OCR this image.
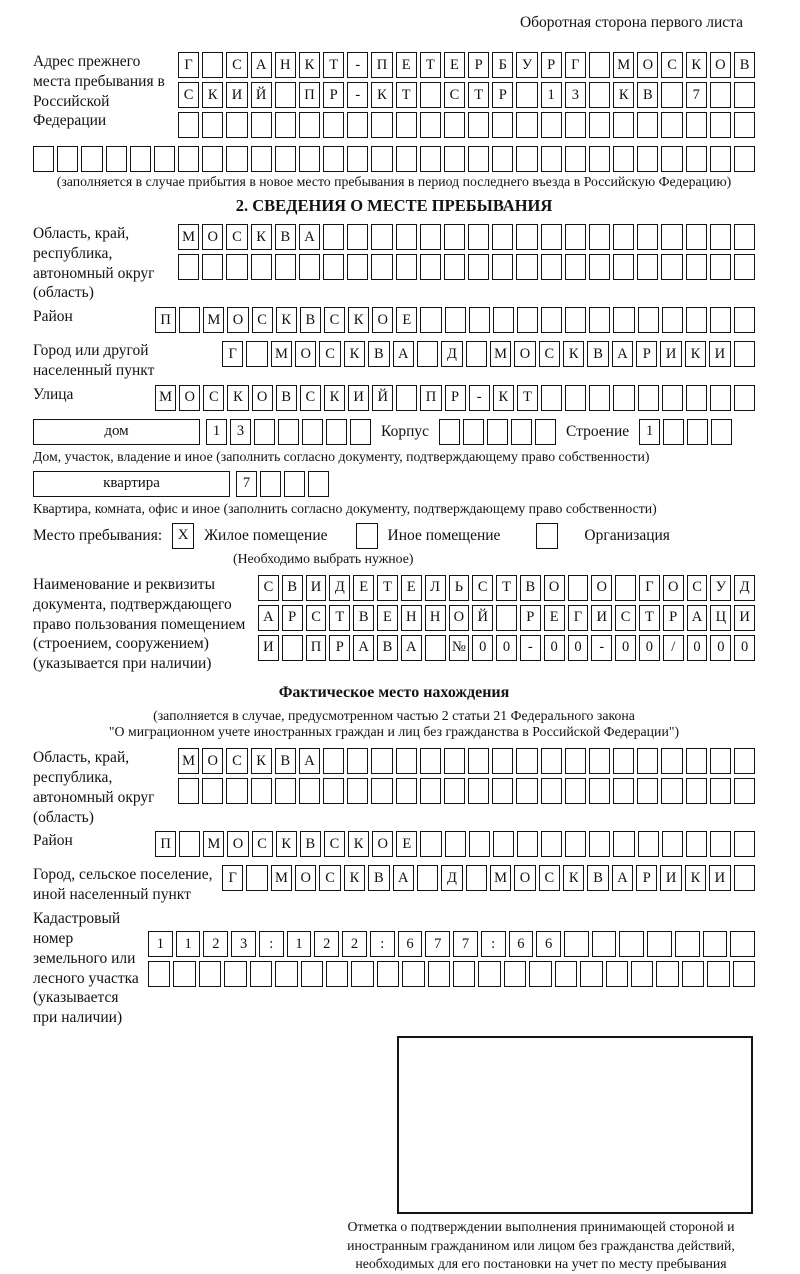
Оборотная сторона первого листа
Адрес прежнего места пребывания в Российской Федерации
Г	С А Н К	Т	-	П	Е	Т	Е	Р	Б	У	Р	Г	М О С	К О В
С	К И Й	П	Р	-	К	Т	С	Т	Р	1	3	К	В	7
(заполняется в случае прибытия в новое место пребывания в период последнего въезда в Российскую Федерацию)
2. СВЕДЕНИЯ О МЕСТЕ ПРЕБЫВАНИЯ
Область, край, республика, автономный округ (область)
М О С	К	В А
Район	П	М О С К В С К О Е
Город или другой населенный пункт
Г	М О С	К	В А	Д	М О С	К	В А	Р	И К И
Улица	М О С К О В С К И Й	П	Р	-	К	Т
дом	1	3	Корпус	Строение	1
Дом, участок, владение и иное (заполнить согласно документу, подтверждающему право собственности)
квартира	7
Квартира, комната, офис и иное (заполнить согласно документу, подтверждающему право собственности)
Место пребывания:	X	Жилое помещение	Иное помещение	Организация
(Необходимо выбрать нужное)
Наименование и реквизиты документа, подтверждающего право пользования помещением (строением, сооружением) (указывается при наличии)
С В И Д Е	Т	Е Л	Ь	С	Т	В О	О	Г О С У Д
А	Р	С	Т	В	Е Н Н О Й	Р	Е	Г И С	Т	Р	А Ц И
И	П	Р	А В А	№ 0	0	-	0	0	-	0	0	/	0	0	0
Фактическое место нахождения
(заполняется в случае, предусмотренном частью 2 статьи 21 Федерального закона
"О миграционном учете иностранных граждан и лиц без гражданства в Российской Федерации")
Область, край, республика, автономный округ (область)
М О С	К	В А
Район	П	М О С К В С К О Е
Город, сельское поселение, иной населенный пункт
Г	М О С	К	В А	Д	М О С	К	В А	Р	И К И
Кадастровый номер земельного или лесного участка (указывается при наличии)
1	1	2	3	:	1	2	2	:	6	7	7	:	6	6
Отметка о подтверждении выполнения принимающей стороной и иностранным гражданином или лицом без гражданства действий, необходимых для его постановки на учет по месту пребывания
